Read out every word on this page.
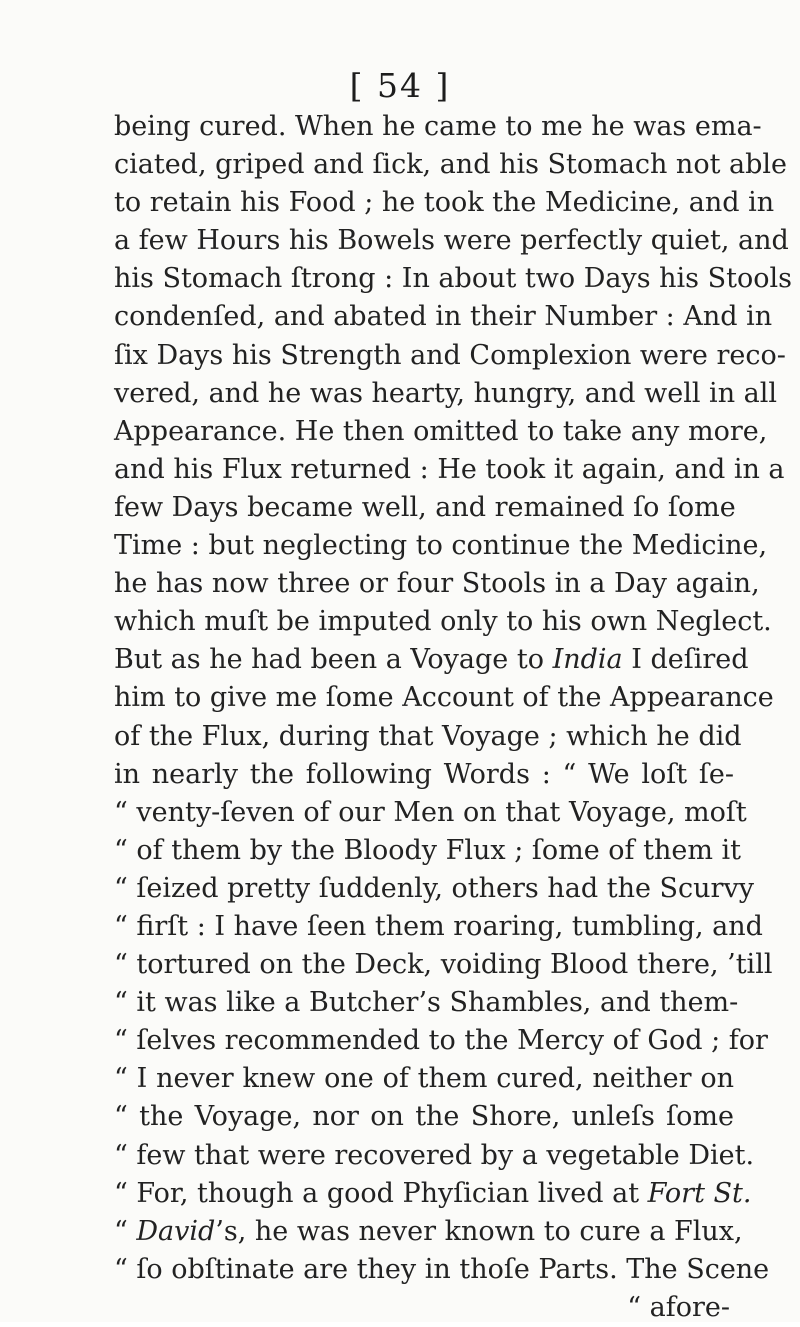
[ 54 ]
being cured. When he came to me he was ema-
ciated, griped and ſick, and his Stomach not able
to retain his Food ; he took the Medicine, and in
a few Hours his Bowels were perfectly quiet, and
his Stomach ſtrong : In about two Days his Stools
condenſed, and abated in their Number : And in
ſix Days his Strength and Complexion were reco-
vered, and he was hearty, hungry, and well in all
Appearance. He then omitted to take any more,
and his Flux returned : He took it again, and in a
few Days became well, and remained ſo ſome
Time : but neglecting to continue the Medicine,
he has now three or four Stools in a Day again,
which muſt be imputed only to his own Neglect.
But as he had been a Voyage to India I deſired
him to give me ſome Account of the Appearance
of the Flux, during that Voyage ; which he did
in nearly the following Words : “ We loſt ſe-
“ venty-ſeven of our Men on that Voyage, moſt
“ of them by the Bloody Flux ; ſome of them it
“ ſeized pretty ſuddenly, others had the Scurvy
“ firſt : I have ſeen them roaring, tumbling, and
“ tortured on the Deck, voiding Blood there, ’till
“ it was like a Butcher’s Shambles, and them-
“ ſelves recommended to the Mercy of God ; for
“ I never knew one of them cured, neither on
“ the Voyage, nor on the Shore, unleſs ſome
“ few that were recovered by a vegetable Diet.
“ For, though a good Phyſician lived at Fort St.
“ David’s, he was never known to cure a Flux,
“ ſo obſtinate are they in thoſe Parts. The Scene
“ afore-
